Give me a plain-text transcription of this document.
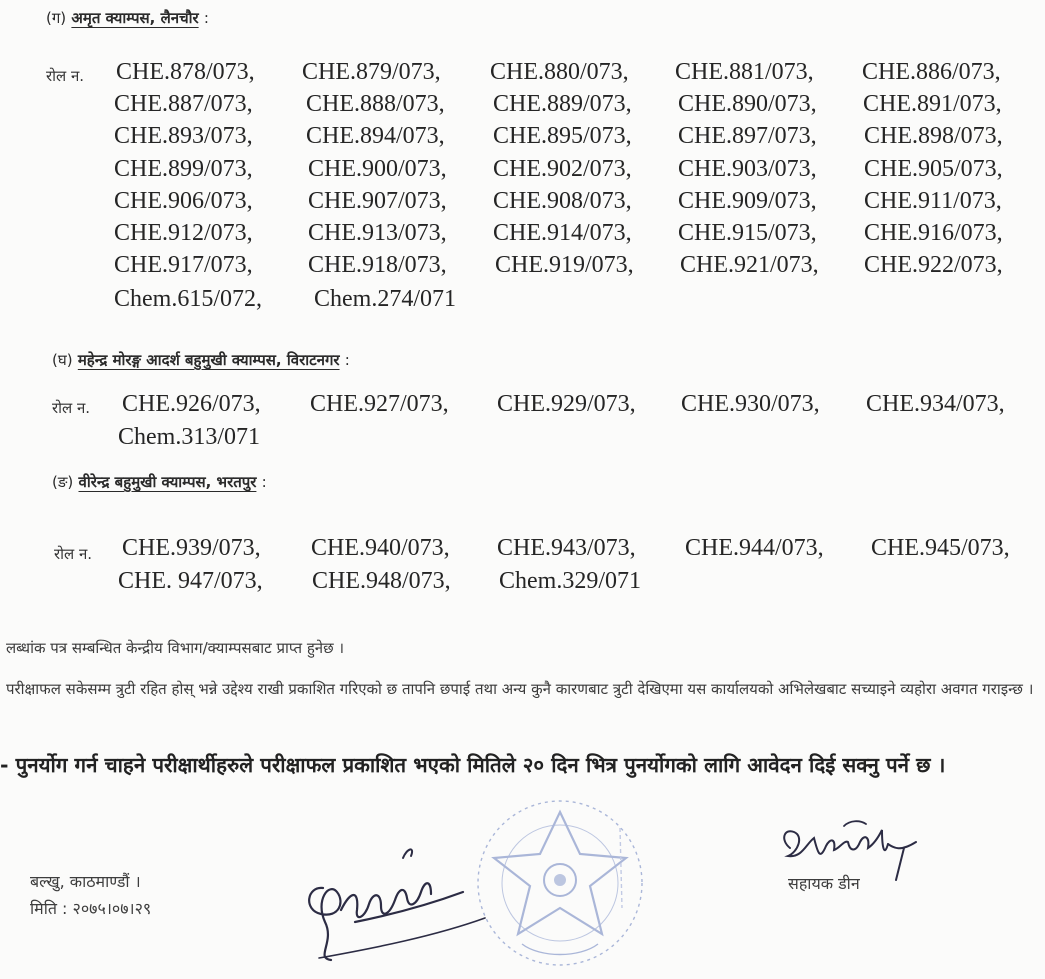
(ग) अमृत क्याम्पस, लैनचौर :
रोल न. CHE.878/073, CHE.879/073, CHE.880/073, CHE.881/073, CHE.886/073,
CHE.887/073, CHE.888/073, CHE.889/073, CHE.890/073, CHE.891/073,
CHE.893/073, CHE.894/073, CHE.895/073, CHE.897/073, CHE.898/073,
CHE.899/073, CHE.900/073, CHE.902/073, CHE.903/073, CHE.905/073,
CHE.906/073, CHE.907/073, CHE.908/073, CHE.909/073, CHE.911/073,
CHE.912/073, CHE.913/073, CHE.914/073, CHE.915/073, CHE.916/073,
CHE.917/073, CHE.918/073, CHE.919/073, CHE.921/073, CHE.922/073,
Chem.615/072, Chem.274/071
(घ) महेन्द्र मोरङ्ग आदर्श बहुमुखी क्याम्पस, विराटनगर :
रोल न. CHE.926/073, CHE.927/073, CHE.929/073, CHE.930/073, CHE.934/073,
Chem.313/071
(ङ) वीरेन्द्र बहुमुखी क्याम्पस, भरतपुर :
रोल न. CHE.939/073, CHE.940/073, CHE.943/073, CHE.944/073, CHE.945/073,
CHE. 947/073, CHE.948/073, Chem.329/071
लब्धांक पत्र सम्बन्धित केन्द्रीय विभाग/क्याम्पसबाट प्राप्त हुनेछ ।
परीक्षाफल सकेसम्म त्रुटी रहित होस् भन्ने उद्देश्य राखी प्रकाशित गरिएको छ तापनि छपाई तथा अन्य कुनै कारणबाट त्रुटी देखिएमा यस कार्यालयको अभिलेखबाट सच्याइने व्यहोरा अवगत गराइन्छ ।
- पुनर्योग गर्न चाहने परीक्षार्थीहरुले परीक्षाफल प्रकाशित भएको मितिले २० दिन भित्र पुनर्योगको लागि आवेदन दिई सक्नु पर्ने छ ।
बल्खु, काठमाण्डौं ।
मिति : २०७५।०७।२९
सहायक डीन
